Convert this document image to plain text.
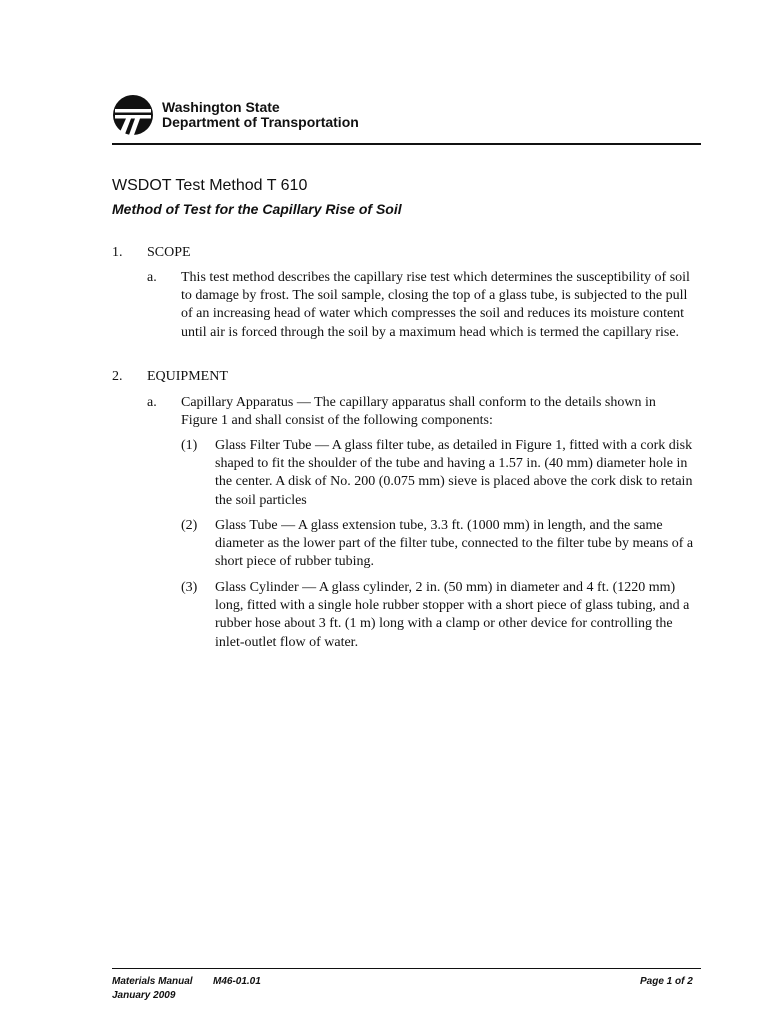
Washington State
Department of Transportation
WSDOT Test Method T 610
Method of Test for the Capillary Rise of Soil
1. SCOPE
a. This test method describes the capillary rise test which determines the susceptibility of soil to damage by frost. The soil sample, closing the top of a glass tube, is subjected to the pull of an increasing head of water which compresses the soil and reduces its moisture content until air is forced through the soil by a maximum head which is termed the capillary rise.
2. EQUIPMENT
a. Capillary Apparatus — The capillary apparatus shall conform to the details shown in Figure 1 and shall consist of the following components:
(1) Glass Filter Tube — A glass filter tube, as detailed in Figure 1, fitted with a cork disk shaped to fit the shoulder of the tube and having a 1.57 in. (40 mm) diameter hole in the center. A disk of No. 200 (0.075 mm) sieve is placed above the cork disk to retain the soil particles
(2) Glass Tube — A glass extension tube, 3.3 ft. (1000 mm) in length, and the same diameter as the lower part of the filter tube, connected to the filter tube by means of a short piece of rubber tubing.
(3) Glass Cylinder — A glass cylinder, 2 in. (50 mm) in diameter and 4 ft. (1220 mm) long, fitted with a single hole rubber stopper with a short piece of glass tubing, and a rubber hose about 3 ft. (1 m) long with a clamp or other device for controlling the inlet-outlet flow of water.
Materials Manual M46-01.01
January 2009
Page 1 of 2
